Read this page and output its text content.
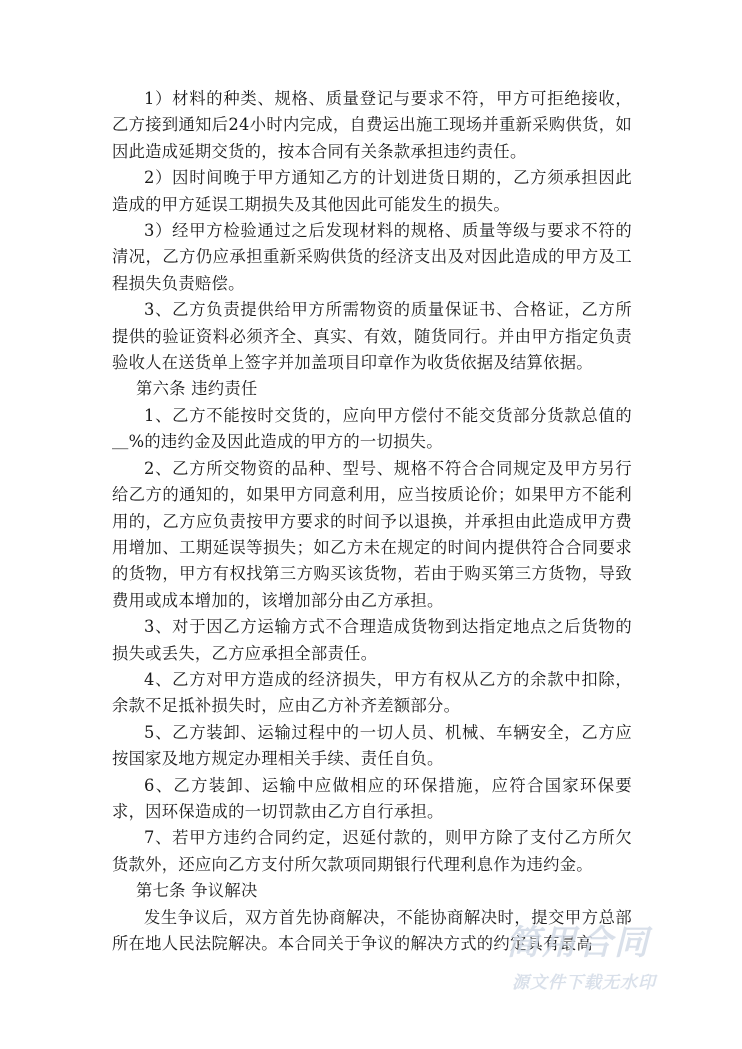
1）材料的种类、规格、质量登记与要求不符，甲方可拒绝接收，乙方接到通知后24小时内完成，自费运出施工现场并重新采购供货，如因此造成延期交货的，按本合同有关条款承担违约责任。

2）因时间晚于甲方通知乙方的计划进货日期的，乙方须承担因此造成的甲方延误工期损失及其他因此可能发生的损失。

3）经甲方检验通过之后发现材料的规格、质量等级与要求不符的清况，乙方仍应承担重新采购供货的经济支出及对因此造成的甲方及工程损失负责赔偿。

3、乙方负责提供给甲方所需物资的质量保证书、合格证，乙方所提供的验证资料必须齐全、真实、有效，随货同行。并由甲方指定负责验收人在送货单上签字并加盖项目印章作为收货依据及结算依据。

第六条 违约责任

1、乙方不能按时交货的，应向甲方偿付不能交货部分货款总值的＿%的违约金及因此造成的甲方的一切损失。

2、乙方所交物资的品种、型号、规格不符合合同规定及甲方另行给乙方的通知的，如果甲方同意利用，应当按质论价；如果甲方不能利用的，乙方应负责按甲方要求的时间予以退换，并承担由此造成甲方费用增加、工期延误等损失；如乙方未在规定的时间内提供符合合同要求的货物，甲方有权找第三方购买该货物，若由于购买第三方货物，导致费用或成本增加的，该增加部分由乙方承担。

3、对于因乙方运输方式不合理造成货物到达指定地点之后货物的损失或丢失，乙方应承担全部责任。

4、乙方对甲方造成的经济损失，甲方有权从乙方的余款中扣除，余款不足抵补损失时，应由乙方补齐差额部分。

5、乙方装卸、运输过程中的一切人员、机械、车辆安全，乙方应按国家及地方规定办理相关手续、责任自负。

6、乙方装卸、运输中应做相应的环保措施，应符合国家环保要求，因环保造成的一切罚款由乙方自行承担。

7、若甲方违约合同约定，迟延付款的，则甲方除了支付乙方所欠货款外，还应向乙方支付所欠款项同期银行代理利息作为违约金。

第七条 争议解决

发生争议后，双方首先协商解决，不能协商解决时，提交甲方总部所在地人民法院解决。本合同关于争议的解决方式的约定具有最高

简用合同
源文件下载无水印
